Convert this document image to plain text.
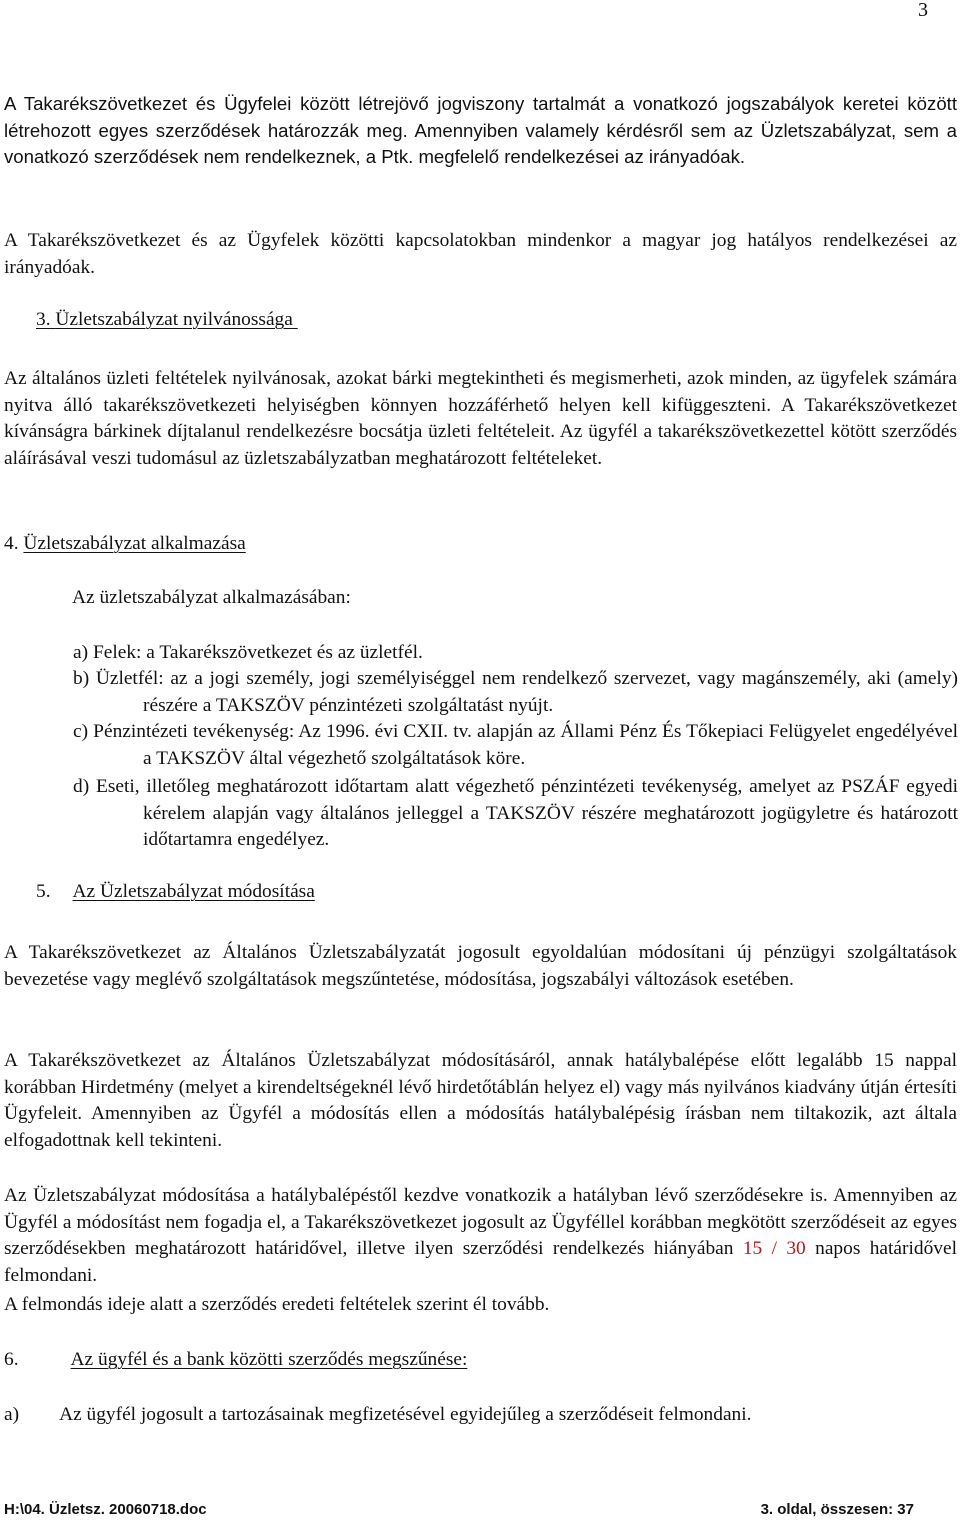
3

A Takarékszövetkezet és Ügyfelei között létrejövő jogviszony tartalmát a vonatkozó jogszabályok keretei között létrehozott egyes szerződések határozzák meg. Amennyiben valamely kérdésről sem az Üzletszabályzat, sem a vonatkozó szerződések nem rendelkeznek, a Ptk. megfelelő rendelkezései az irányadóak.

A Takarékszövetkezet és az Ügyfelek közötti kapcsolatokban mindenkor a magyar jog hatályos rendelkezései az irányadóak.

3. Üzletszabályzat nyilvánossága

Az általános üzleti feltételek nyilvánosak, azokat bárki megtekintheti és megismerheti, azok minden, az ügyfelek számára nyitva álló takarékszövetkezeti helyiségben könnyen hozzáférhető helyen kell kifüggeszteni. A Takarékszövetkezet kívánságra bárkinek díjtalanul rendelkezésre bocsátja üzleti feltételeit. Az ügyfél a takarékszövetkezettel kötött szerződés aláírásával veszi tudomásul az üzletszabályzatban meghatározott feltételeket.

4. Üzletszabályzat alkalmazása
Az üzletszabályzat alkalmazásában:
a) Felek: a Takarékszövetkezet és az üzletfél.
b) Üzletfél: az a jogi személy, jogi személyiséggel nem rendelkező szervezet, vagy magánszemély, aki (amely) részére a TAKSZÖV pénzintézeti szolgáltatást nyújt.
c) Pénzintézeti tevékenység: Az 1996. évi CXII. tv. alapján az Állami Pénz És Tőkepiaci Felügyelet engedélyével a TAKSZÖV által végezhető szolgáltatások köre.
d) Eseti, illetőleg meghatározott időtartam alatt végezhető pénzintézeti tevékenység, amelyet az PSZÁF egyedi kérelem alapján vagy általános jelleggel a TAKSZÖV részére meghatározott jogügyletre és határozott időtartamra engedélyez.
5. Az Üzletszabályzat módosítása

A Takarékszövetkezet az Általános Üzletszabályzatát jogosult egyoldalúan módosítani új pénzügyi szolgáltatások bevezetése vagy meglévő szolgáltatások megszűntetése, módosítása, jogszabályi változások esetében.

A Takarékszövetkezet az Általános Üzletszabályzat módosításáról, annak hatálybalépése előtt legalább 15 nappal korábban Hirdetmény (melyet a kirendeltségeknél lévő hirdetőtáblán helyez el) vagy más nyilvános kiadvány útján értesíti Ügyfeleit. Amennyiben az Ügyfél a módosítás ellen a módosítás hatálybalépésig írásban nem tiltakozik, azt általa elfogadottnak kell tekinteni.

Az Üzletszabályzat módosítása a hatálybalépéstől kezdve vonatkozik a hatályban lévő szerződésekre is. Amennyiben az Ügyfél a módosítást nem fogadja el, a Takarékszövetkezet jogosult az Ügyféllel korábban megkötött szerződéseit az egyes szerződésekben meghatározott határidővel, illetve ilyen szerződési rendelkezés hiányában 15 / 30 napos határidővel felmondani.

A felmondás ideje alatt a szerződés eredeti feltételek szerint él tovább.

6.	Az ügyfél és a bank közötti szerződés megszűnése:
a) Az ügyfél jogosult a tartozásainak megfizetésével egyidejűleg a szerződéseit felmondani.
H:\04. Üzletsz. 20060718.doc	3. oldal, összesen: 37
